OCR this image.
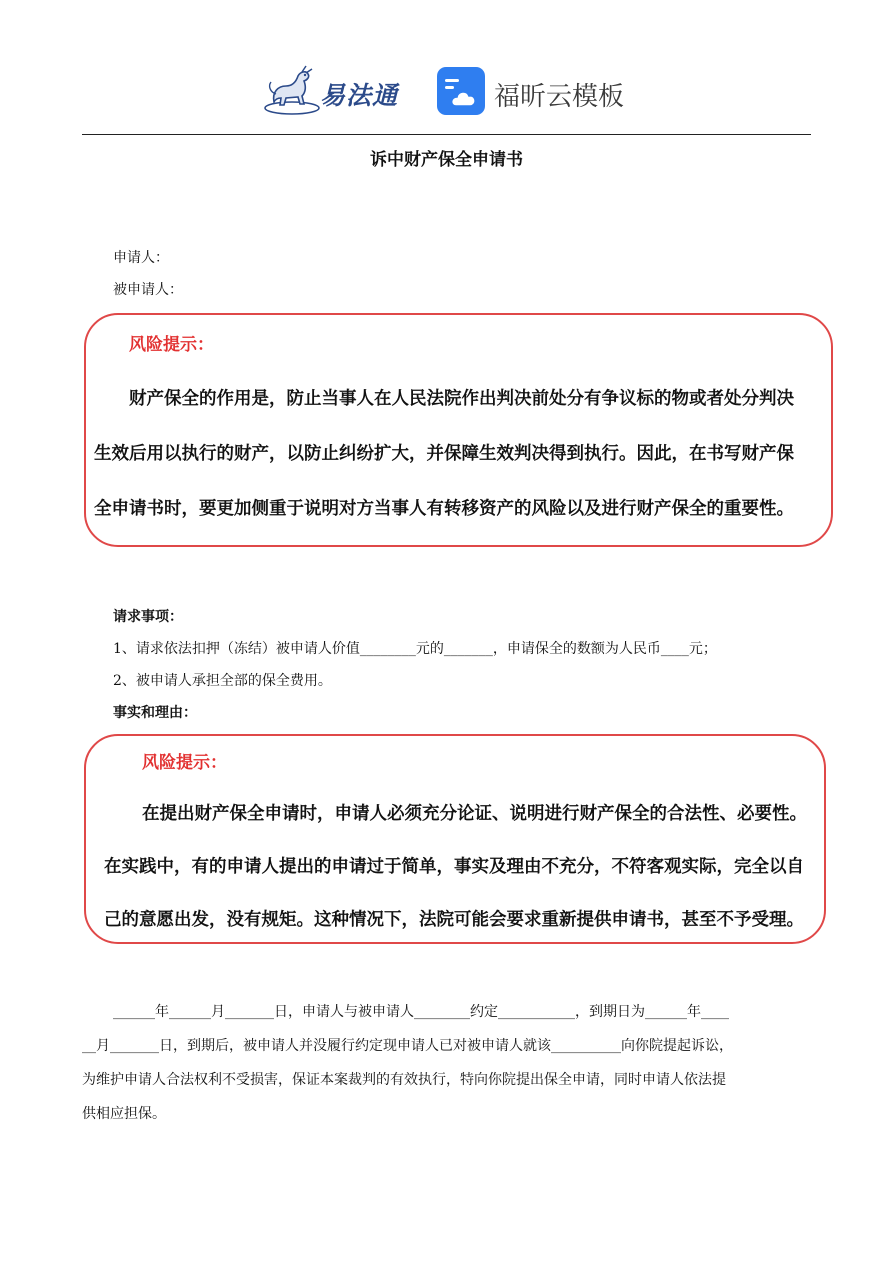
易法通	福昕云模板
诉中财产保全申请书
申请人：
被申请人：
风险提示：
财产保全的作用是，防止当事人在人民法院作出判决前处分有争议标的物或者处分判决
生效后用以执行的财产，以防止纠纷扩大，并保障生效判决得到执行。因此，在书写财产保
全申请书时，要更加侧重于说明对方当事人有转移资产的风险以及进行财产保全的重要性。
请求事项：
1、请求依法扣押（冻结）被申请人价值________元的_______，申请保全的数额为人民币____元；
2、被申请人承担全部的保全费用。
事实和理由：
风险提示：
在提出财产保全申请时，申请人必须充分论证、说明进行财产保全的合法性、必要性。
在实践中，有的申请人提出的申请过于简单，事实及理由不充分，不符客观实际，完全以自
己的意愿出发，没有规矩。这种情况下，法院可能会要求重新提供申请书，甚至不予受理。
______年______月_______日，申请人与被申请人________约定___________，到期日为______年____
__月_______日，到期后，被申请人并没履行约定现申请人已对被申请人就该__________向你院提起诉讼，
为维护申请人合法权利不受损害，保证本案裁判的有效执行，特向你院提出保全申请，同时申请人依法提
供相应担保。
